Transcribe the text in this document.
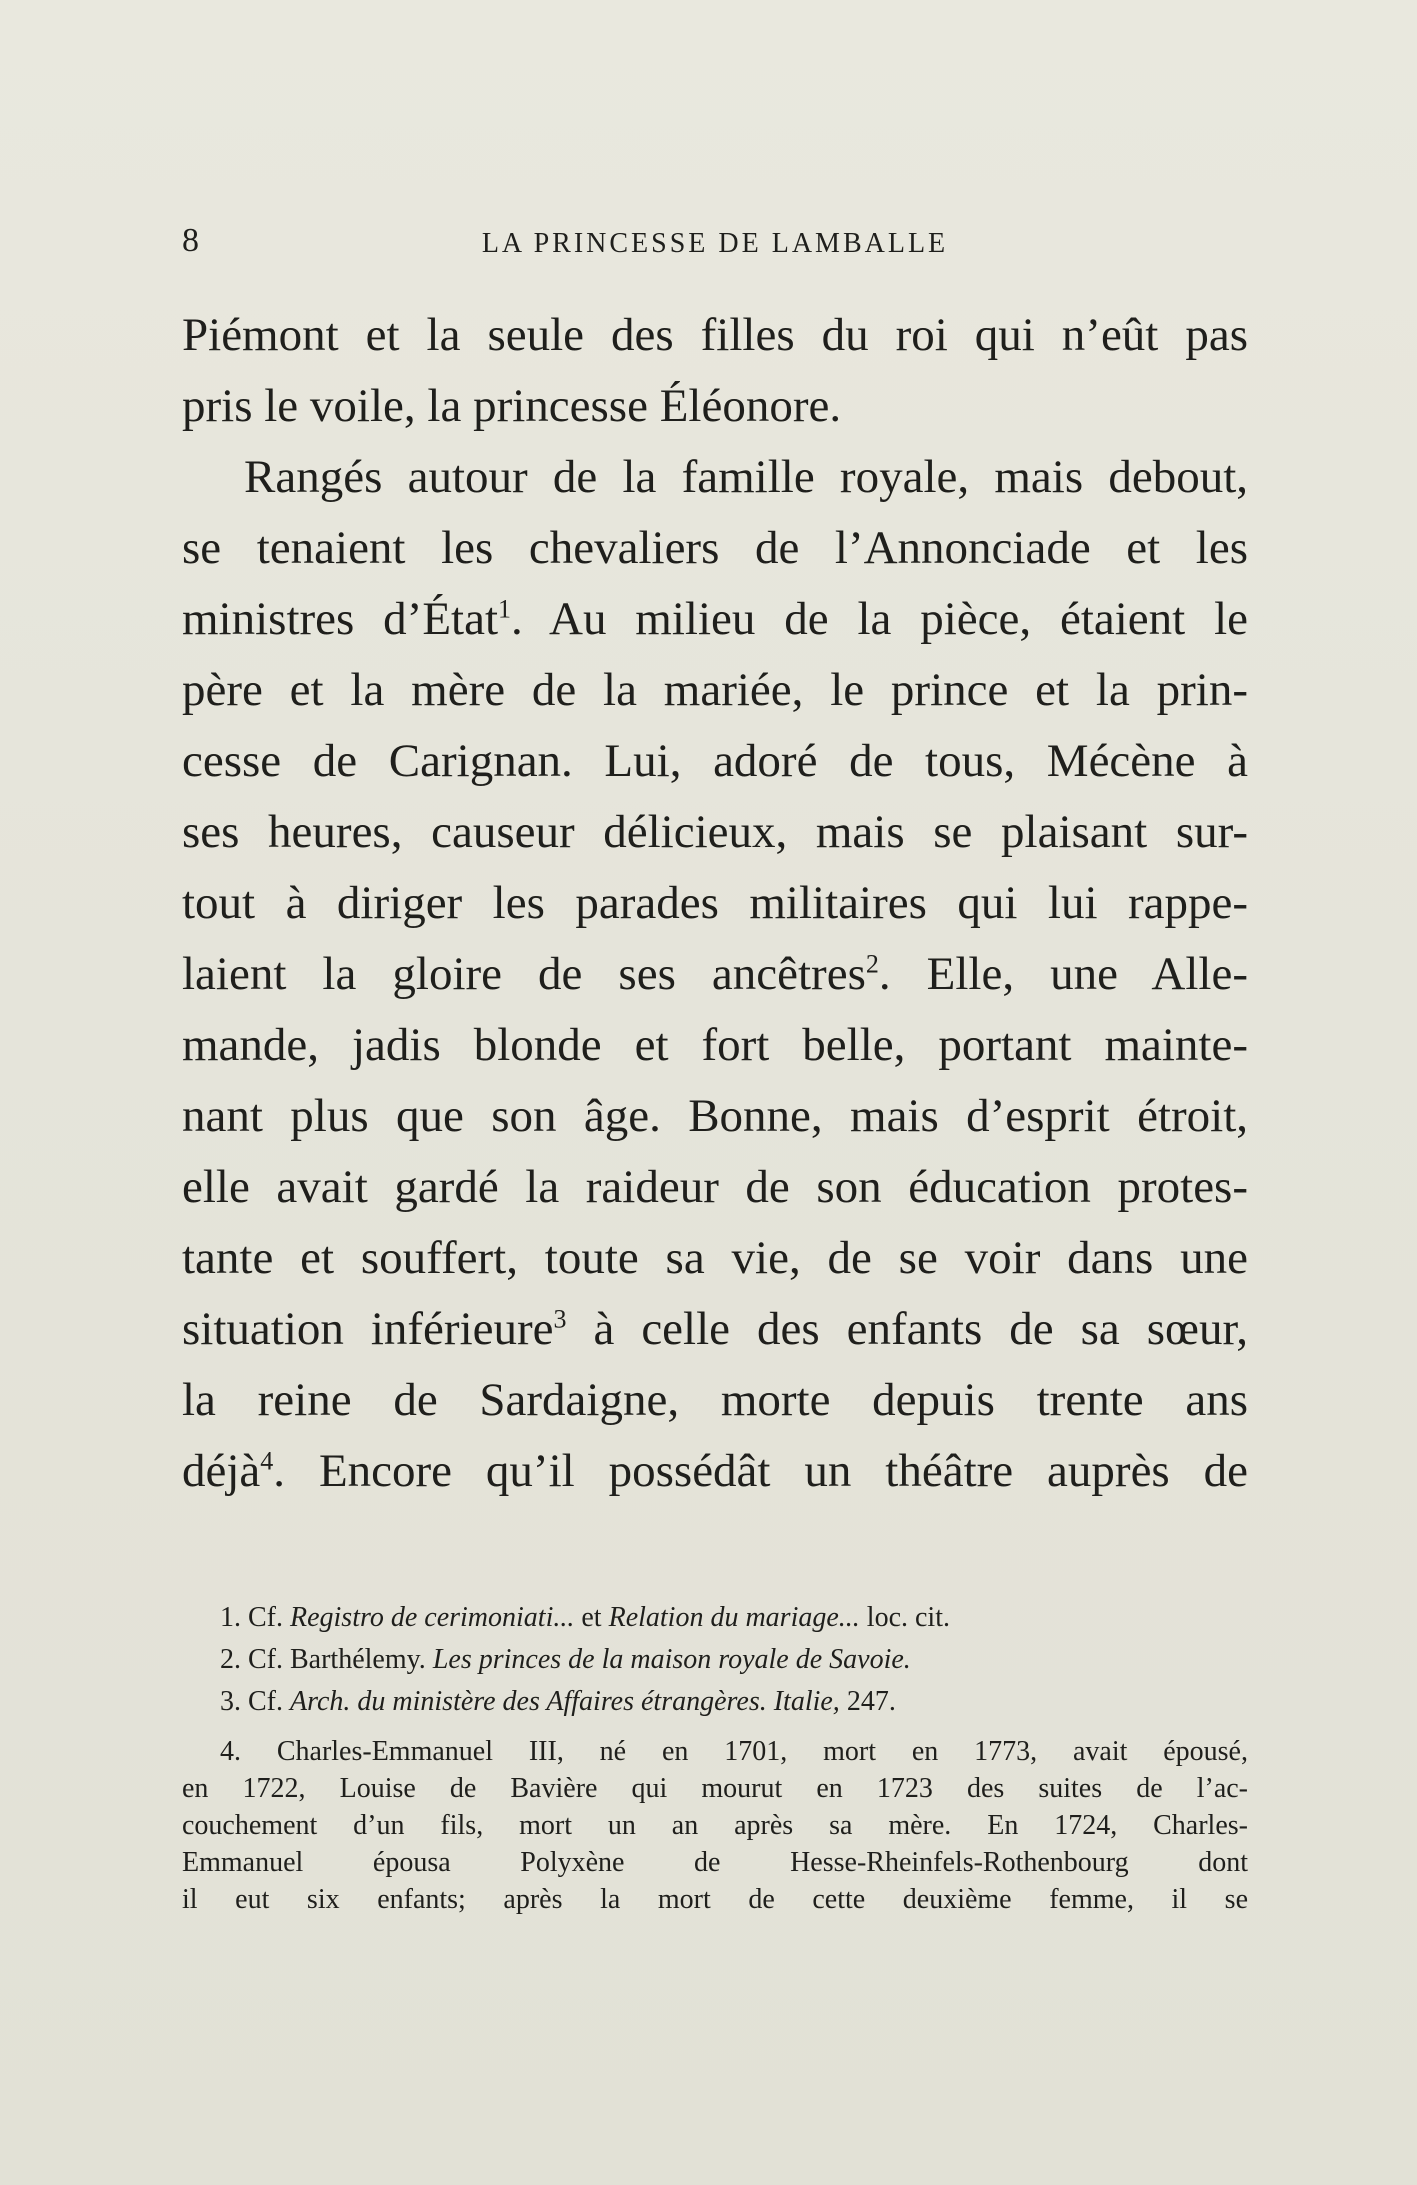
8	LA PRINCESSE DE LAMBALLE
Piémont et la seule des filles du roi qui n’eût pas
pris le voile, la princesse Éléonore.
Rangés autour de la famille royale, mais debout,
se tenaient les chevaliers de l’Annonciade et les
ministres d’État$^1$. Au milieu de la pièce, étaient le
père et la mère de la mariée, le prince et la prin-
cesse de Carignan. Lui, adoré de tous, Mécène à
ses heures, causeur délicieux, mais se plaisant sur-
tout à diriger les parades militaires qui lui rappe-
laient la gloire de ses ancêtres$^2$. Elle, une Alle-
mande, jadis blonde et fort belle, portant mainte-
nant plus que son âge. Bonne, mais d’esprit étroit,
elle avait gardé la raideur de son éducation protes-
tante et souffert, toute sa vie, de se voir dans une
situation inférieure$^3$ à celle des enfants de sa sœur,
la reine de Sardaigne, morte depuis trente ans
déjà$^4$. Encore qu’il possédât un théâtre auprès de
1. Cf. Registro de cerimoniati... et Relation du mariage... loc. cit.
2. Cf. Barthélemy. Les princes de la maison royale de Savoie.
3. Cf. Arch. du ministère des Affaires étrangères. Italie, 247.
4. Charles-Emmanuel III, né en 1701, mort en 1773, avait épousé,
en 1722, Louise de Bavière qui mourut en 1723 des suites de l’ac-
couchement d’un fils, mort un an après sa mère. En 1724, Charles-
Emmanuel épousa Polyxène de Hesse-Rheinfels-Rothenbourg dont
il eut six enfants; après la mort de cette deuxième femme, il se
